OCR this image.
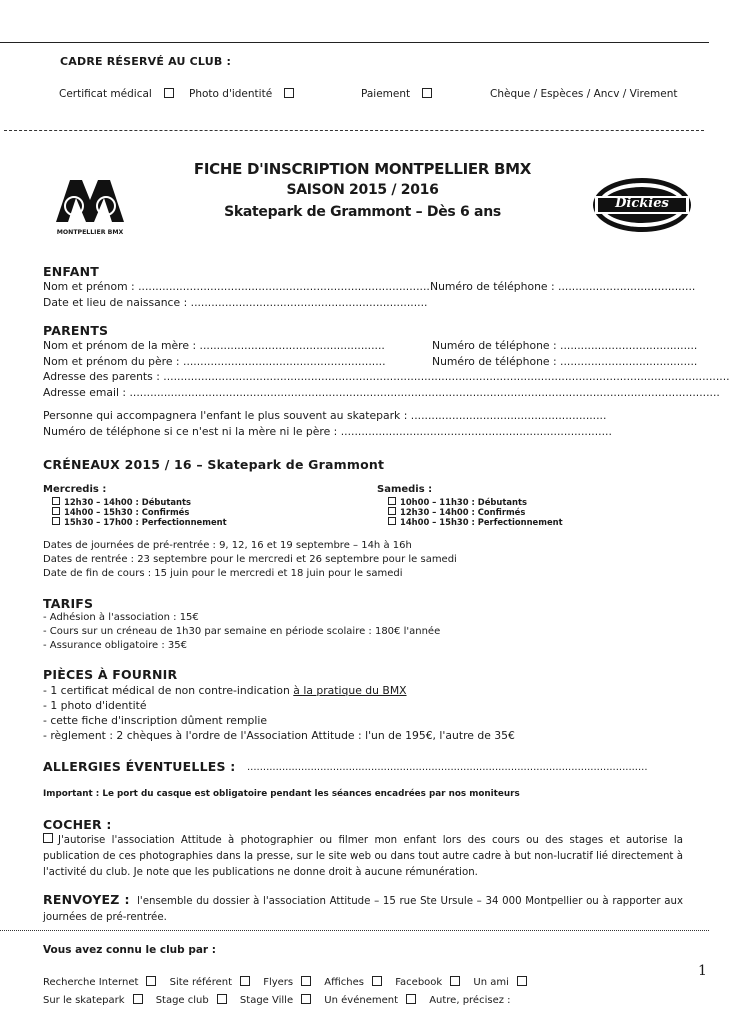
CADRE RÉSERVÉ AU CLUB :
Certificat médical	Photo d'identité	Paiement	Chèque / Espèces / Ancv / Virement
MONTPELLIER BMX
Dickies
FICHE D'INSCRIPTION MONTPELLIER BMX
SAISON 2015 / 2016
Skatepark de Grammont – Dès 6 ans
ENFANT
Nom et prénom : ......................................................................................
Numéro de téléphone : ........................................
Date et lieu de naissance : .....................................................................
PARENTS
Nom et prénom de la mère : ......................................................	Numéro de téléphone : ........................................
Nom et prénom du père : ...........................................................	Numéro de téléphone : ........................................
Adresse des parents : .....................................................................................................................................................................
Adresse email : ............................................................................................................................................................................
Personne qui accompagnera l'enfant le plus souvent au skatepark : .........................................................
Numéro de téléphone si ce n'est ni la mère ni le père : ...............................................................................
CRÉNEAUX 2015 / 16 – Skatepark de Grammont
Mercredis :
12h30 – 14h00 : Débutants
14h00 – 15h30 : Confirmés
15h30 – 17h00 : Perfectionnement
Samedis :
10h00 – 11h30 : Débutants
12h30 – 14h00 : Confirmés
14h00 – 15h30 : Perfectionnement
Dates de journées de pré-rentrée : 9, 12, 16 et 19 septembre – 14h à 16h
Dates de rentrée : 23 septembre pour le mercredi et 26 septembre pour le samedi
Date de fin de cours : 15 juin pour le mercredi et 18 juin pour le samedi
TARIFS
- Adhésion à l'association : 15€
- Cours sur un créneau de 1h30 par semaine en période scolaire : 180€ l'année
- Assurance obligatoire : 35€
PIÈCES À FOURNIR
- 1 certificat médical de non contre-indication à la pratique du BMX
- 1 photo d'identité
- cette fiche d'inscription dûment remplie
- règlement : 2 chèques à l'ordre de l'Association Attitude : l'un de 195€, l'autre de 35€
ALLERGIES ÉVENTUELLES : ..............................................................................................................................
Important : Le port du casque est obligatoire pendant les séances encadrées par nos moniteurs
COCHER :
J'autorise l'association Attitude à photographier ou filmer mon enfant lors des cours ou des stages et autorise la publication de ces photographies dans la presse, sur le site web ou dans tout autre cadre à but non-lucratif lié directement à l'activité du club. Je note que les publications ne donne droit à aucune rémunération.
RENVOYEZ : l'ensemble du dossier à l'association Attitude – 15 rue Ste Ursule – 34 000 Montpellier ou à rapporter aux journées de pré-rentrée.
Vous avez connu le club par :
Recherche Internet	Site référent	Flyers	Affiches	Facebook	Un ami
Sur le skatepark	Stage club	Stage Ville	Un événement	Autre, précisez :
1
